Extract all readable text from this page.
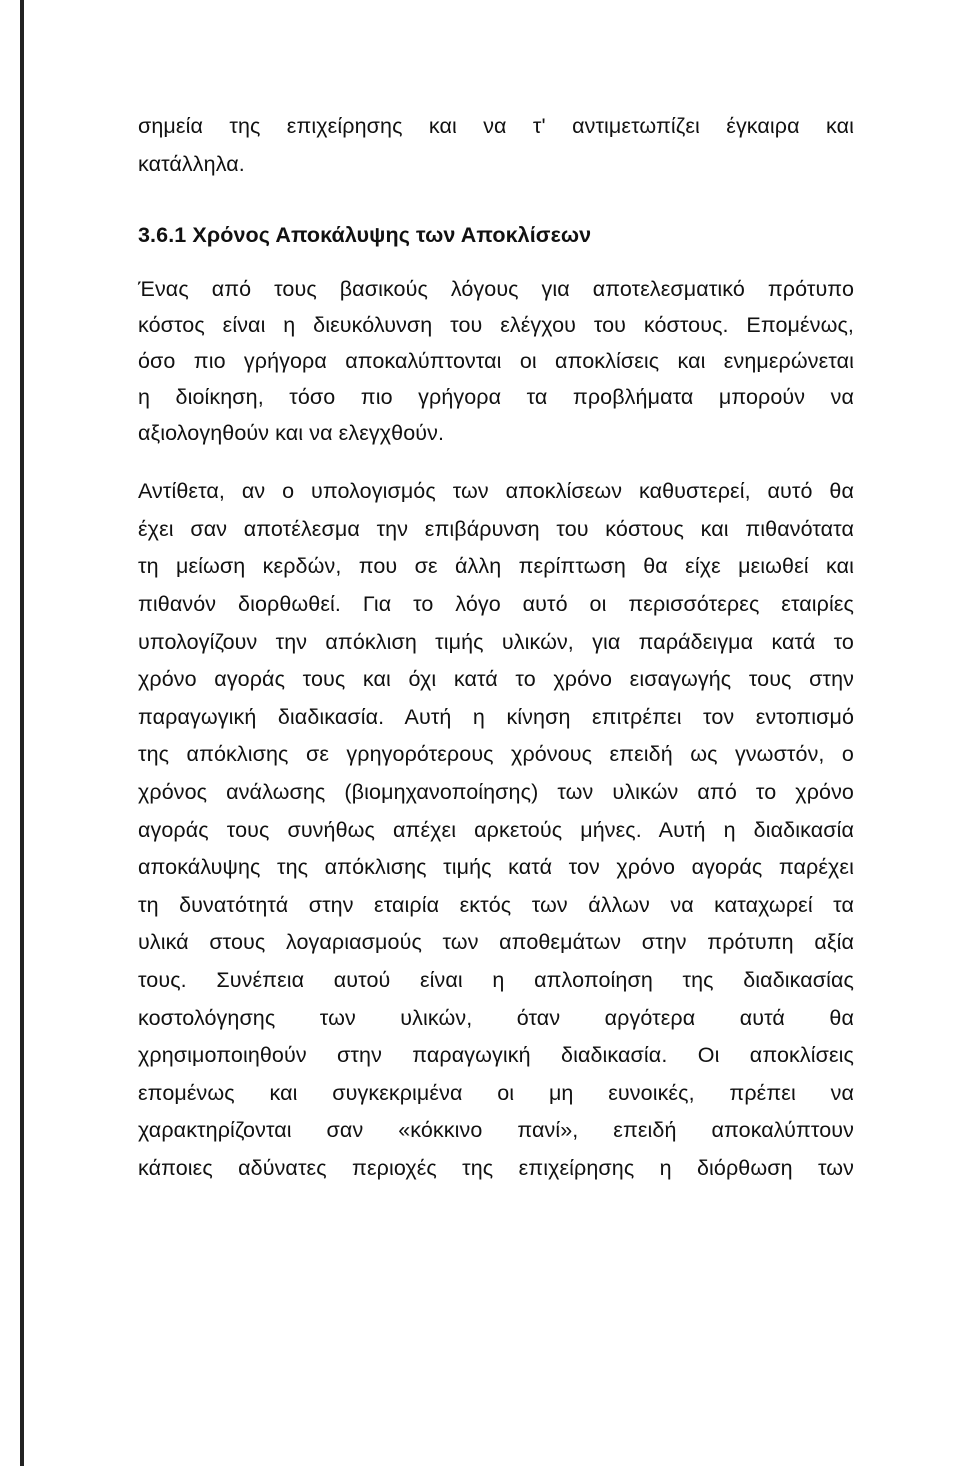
σημεία της επιχείρησης και να τ' αντιμετωπίζει έγκαιρα και
κατάλληλα.
3.6.1 Χρόνος Αποκάλυψης των Αποκλίσεων
Ένας από τους βασικούς λόγους για αποτελεσματικό πρότυπο
κόστος είναι η διευκόλυνση του ελέγχου του κόστους. Επομένως,
όσο πιο γρήγορα αποκαλύπτονται οι αποκλίσεις και ενημερώνεται
η διοίκηση, τόσο πιο γρήγορα τα προβλήματα μπορούν να
αξιολογηθούν και να ελεγχθούν.
Αντίθετα, αν ο υπολογισμός των αποκλίσεων καθυστερεί, αυτό θα
έχει σαν αποτέλεσμα την επιβάρυνση του κόστους και πιθανότατα
τη μείωση κερδών, που σε άλλη περίπτωση θα είχε μειωθεί και
πιθανόν διορθωθεί. Για το λόγο αυτό οι περισσότερες εταιρίες
υπολογίζουν την απόκλιση τιμής υλικών, για παράδειγμα κατά το
χρόνο αγοράς τους και όχι κατά το χρόνο εισαγωγής τους στην
παραγωγική διαδικασία. Αυτή η κίνηση επιτρέπει τον εντοπισμό
της απόκλισης σε γρηγορότερους χρόνους επειδή ως γνωστόν, ο
χρόνος ανάλωσης (βιομηχανοποίησης) των υλικών από το χρόνο
αγοράς τους συνήθως απέχει αρκετούς μήνες. Αυτή η διαδικασία
αποκάλυψης της απόκλισης τιμής κατά τον χρόνο αγοράς παρέχει
τη δυνατότητά στην εταιρία εκτός των άλλων να καταχωρεί τα
υλικά στους λογαριασμούς των αποθεμάτων στην πρότυπη αξία
τους. Συνέπεια αυτού είναι η απλοποίηση της διαδικασίας
κοστολόγησης των υλικών, όταν αργότερα αυτά θα
χρησιμοποιηθούν στην παραγωγική διαδικασία. Οι αποκλίσεις
επομένως και συγκεκριμένα οι μη ευνοικές, πρέπει να
χαρακτηρίζονται σαν «κόκκινο πανί», επειδή αποκαλύπτουν
κάποιες αδύνατες περιοχές της επιχείρησης η διόρθωση των
